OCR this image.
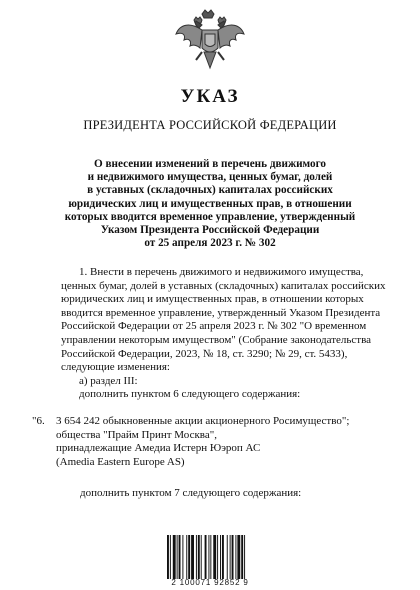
УКАЗ
ПРЕЗИДЕНТА РОССИЙСКОЙ ФЕДЕРАЦИИ
О внесении изменений в перечень движимого
и недвижимого имущества, ценных бумаг, долей
в уставных (складочных) капиталах российских
юридических лиц и имущественных прав, в отношении
которых вводится временное управление, утвержденный
Указом Президента Российской Федерации
от 25 апреля 2023 г. № 302
1. Внести в перечень движимого и недвижимого имущества,
ценных бумаг, долей в уставных (складочных) капиталах российских
юридических лиц и имущественных прав, в отношении которых
вводится временное управление, утвержденный Указом Президента
Российской Федерации от 25 апреля 2023 г. № 302 "О временном
управлении некоторым имуществом" (Собрание законодательства
Российской Федерации, 2023, № 18, ст. 3290; № 29, ст. 5433),
следующие изменения:
а) раздел III:
дополнить пунктом 6 следующего содержания:
"6. 3 654 242 обыкновенные акции акционерного Росимущество";
общества "Прайм Принт Москва",
принадлежащие Амедиа Истерн Юэроп АС
(Amedia Eastern Europe AS)
дополнить пунктом 7 следующего содержания:
2 100071 92852 9
